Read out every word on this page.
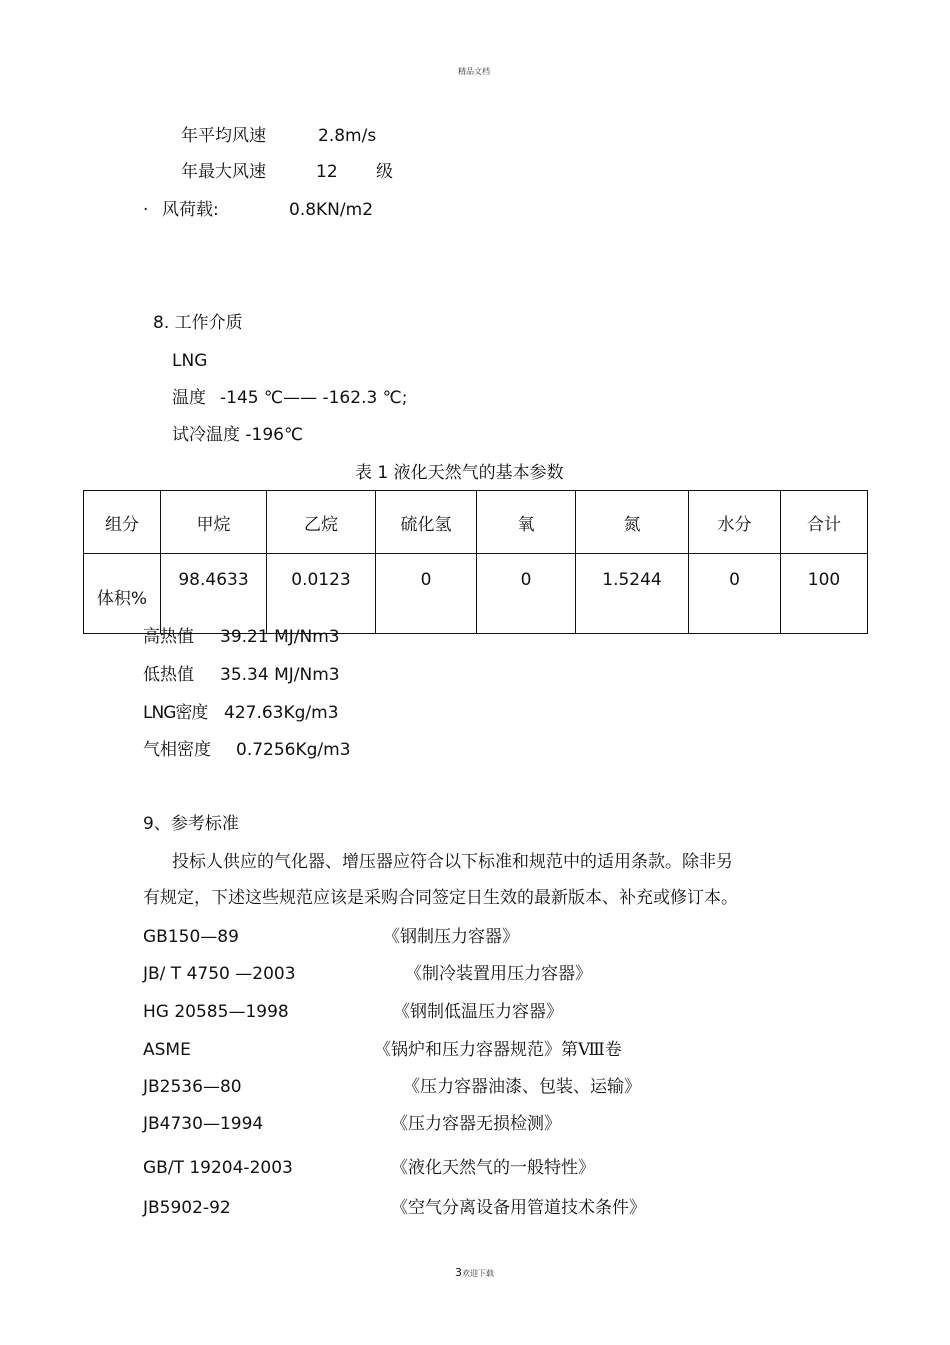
精品文档
年平均风速	2.8m/s
年最大风速	12 级
· 风荷载:	0.8KN/m2
8. 工作介质
LNG
温度 -145 ℃—— -162.3 ℃;
试冷温度 -196℃
表 1 液化天然气的基本参数
组分	甲烷	乙烷	硫化氢	氧	氮	水分	合计
体积%	98.4633	0.0123	0	0	1.5244	0	100
高热值 39.21 MJ/Nm3
低热值 35.34 MJ/Nm3
LNG密度 427.63Kg/m3
气相密度 0.7256Kg/m3
9、参考标准
投标人供应的气化器、增压器应符合以下标准和规范中的适用条款。除非另
有规定，下述这些规范应该是采购合同签定日生效的最新版本、补充或修订本。
GB150—89	《钢制压力容器》
JB/ T 4750 —2003	《制冷装置用压力容器》
HG 20585—1998	《钢制低温压力容器》
ASME	《锅炉和压力容器规范》第Ⅷ卷
JB2536—80	《压力容器油漆、包装、运输》
JB4730—1994	《压力容器无损检测》
GB/T 19204-2003	《液化天然气的一般特性》
JB5902-92	《空气分离设备用管道技术条件》
3欢迎下载
